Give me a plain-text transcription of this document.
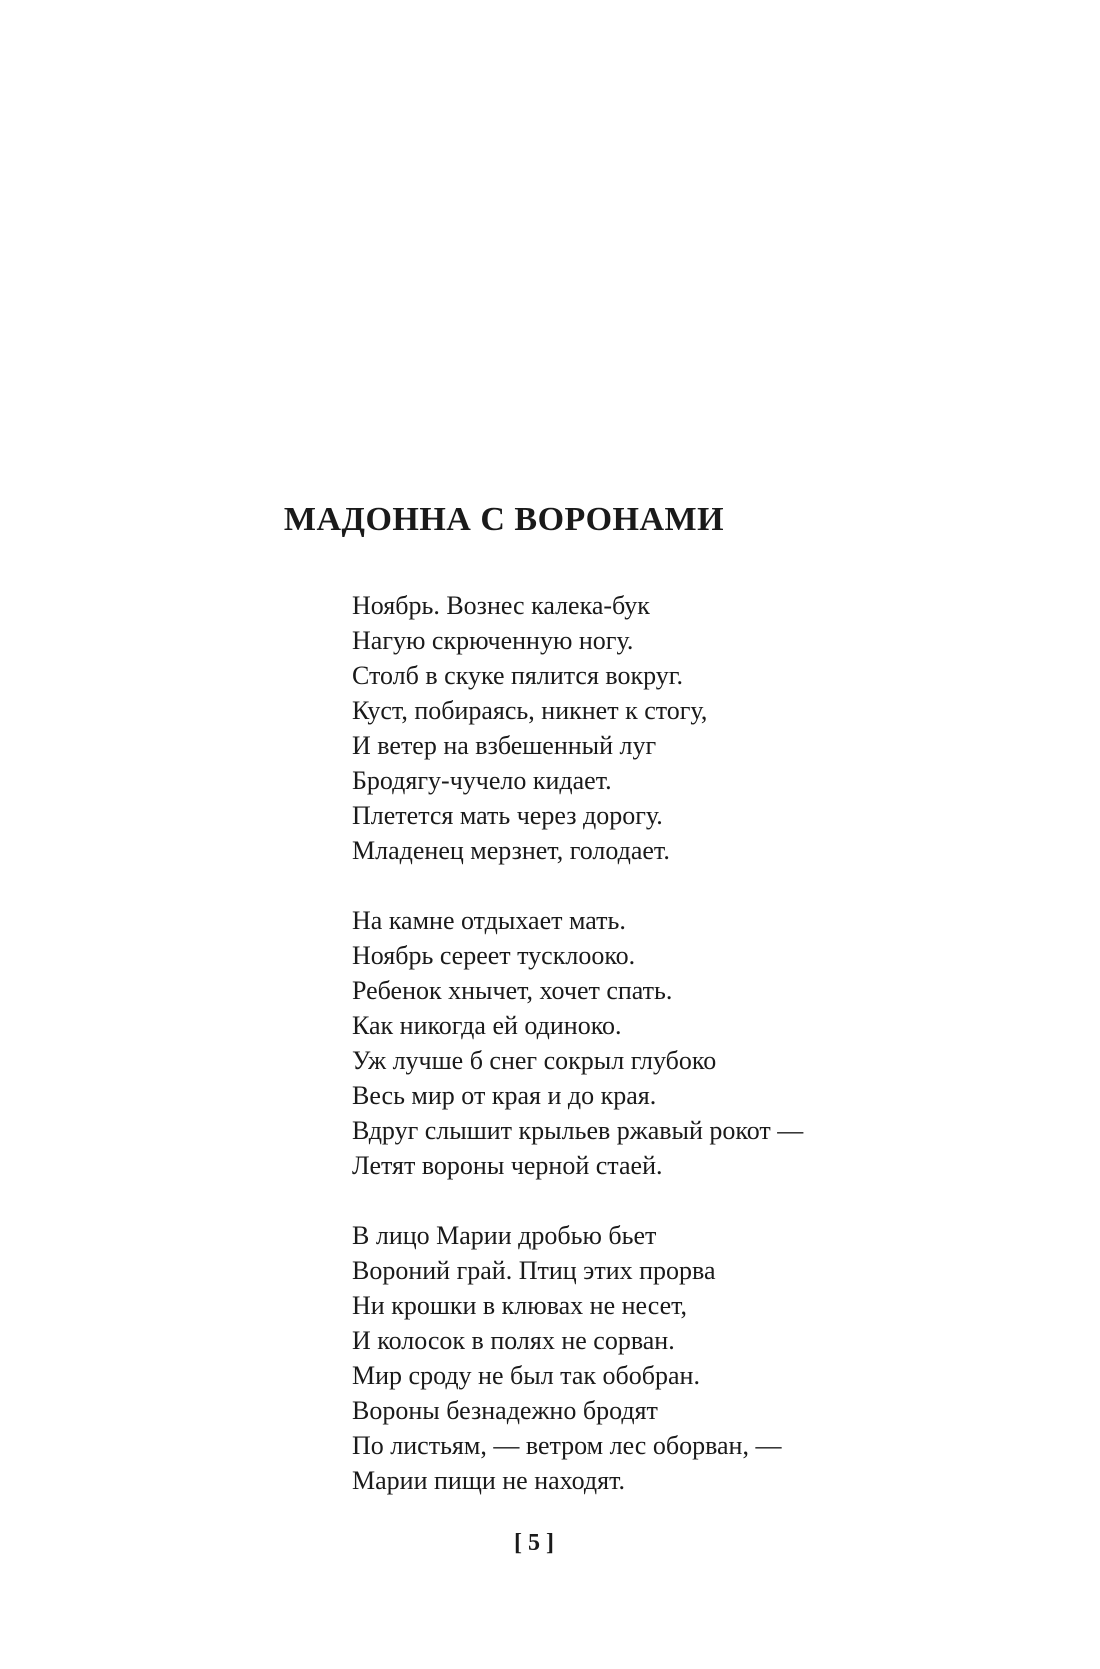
МАДОННА С ВОРОНАМИ
Ноябрь. Вознес калека-бук
Нагую скрюченную ногу.
Столб в скуке пялится вокруг.
Куст, побираясь, никнет к стогу,
И ветер на взбешенный луг
Бродягу-чучело кидает.
Плетется мать через дорогу.
Младенец мерзнет, голодает.
На камне отдыхает мать.
Ноябрь сереет тусклооко.
Ребенок хнычет, хочет спать.
Как никогда ей одиноко.
Уж лучше б снег сокрыл глубоко
Весь мир от края и до края.
Вдруг слышит крыльев ржавый рокот —
Летят вороны черной стаей.
В лицо Марии дробью бьет
Вороний грай. Птиц этих прорва
Ни крошки в клювах не несет,
И колосок в полях не сорван.
Мир сроду не был так обобран.
Вороны безнадежно бродят
По листьям, — ветром лес оборван, —
Марии пищи не находят.
[ 5 ]
